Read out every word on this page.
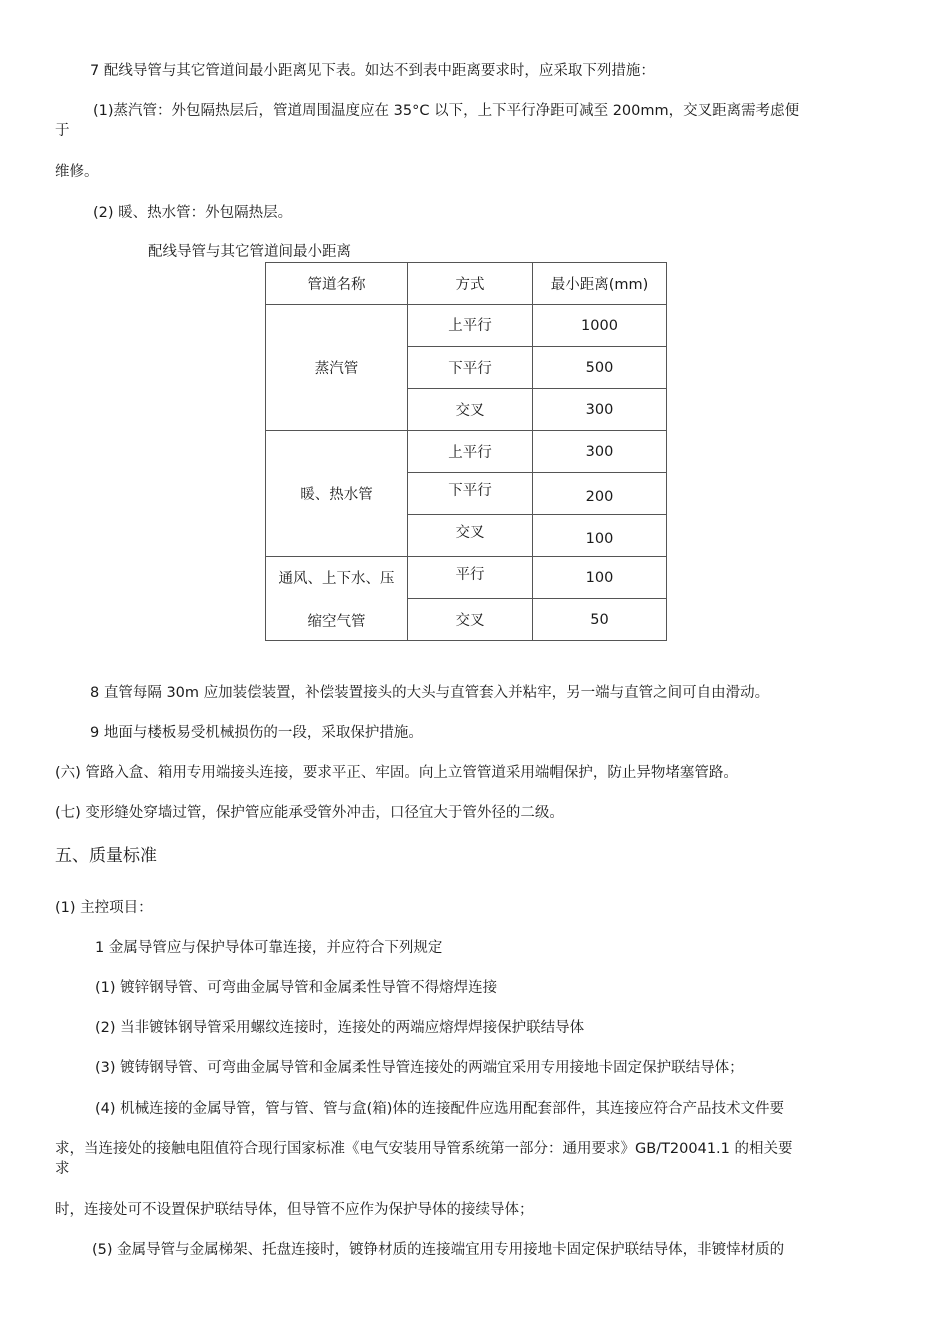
7 配线导管与其它管道间最小距离见下表。如达不到表中距离要求时，应采取下列措施：
(1)蒸汽管：外包隔热层后，管道周围温度应在 35°C 以下，上下平行净距可减至 200mm，交叉距离需考虑便
于
维修。
(2) 暖、热水管：外包隔热层。
配线导管与其它管道间最小距离
管道名称	方式	最小距离(mm)
蒸汽管	上平行	1000
	下平行	500
	交叉	300
暖、热水管	上平行	300
	下平行	200
	交叉	100

通风、上下水、压
缩空气管	平行	100
	交叉	50
8 直管每隔 30m 应加装偿装置，补偿装置接头的大头与直管套入并粘牢，另一端与直管之间可自由滑动。
9 地面与楼板易受机械损伤的一段，采取保护措施。
(六) 管路入盒、箱用专用端接头连接，要求平正、牢固。向上立管管道采用端帽保护，防止异物堵塞管路。
(七) 变形缝处穿墙过管，保护管应能承受管外冲击，口径宜大于管外径的二级。
五、质量标准
(1) 主控项目：
1 金属导管应与保护导体可靠连接，并应符合下列规定
(1) 镀锌钢导管、可弯曲金属导管和金属柔性导管不得熔焊连接
(2) 当非镀钵钢导管采用螺纹连接时，连接处的两端应熔焊焊接保护联结导体
(3) 镀铸钢导管、可弯曲金属导管和金属柔性导管连接处的两端宜采用专用接地卡固定保护联结导体；
(4) 机械连接的金属导管，管与管、管与盒(箱)体的连接配件应选用配套部件，其连接应符合产品技术文件要
求，当连接处的接触电阻值符合现行国家标准《电气安装用导管系统第一部分：通用要求》GB/T20041.1 的相关要
求
时，连接处可不设置保护联结导体，但导管不应作为保护导体的接续导体；
(5) 金属导管与金属梯架、托盘连接时，镀铮材质的连接端宜用专用接地卡固定保护联结导体，非镀悻材质的
